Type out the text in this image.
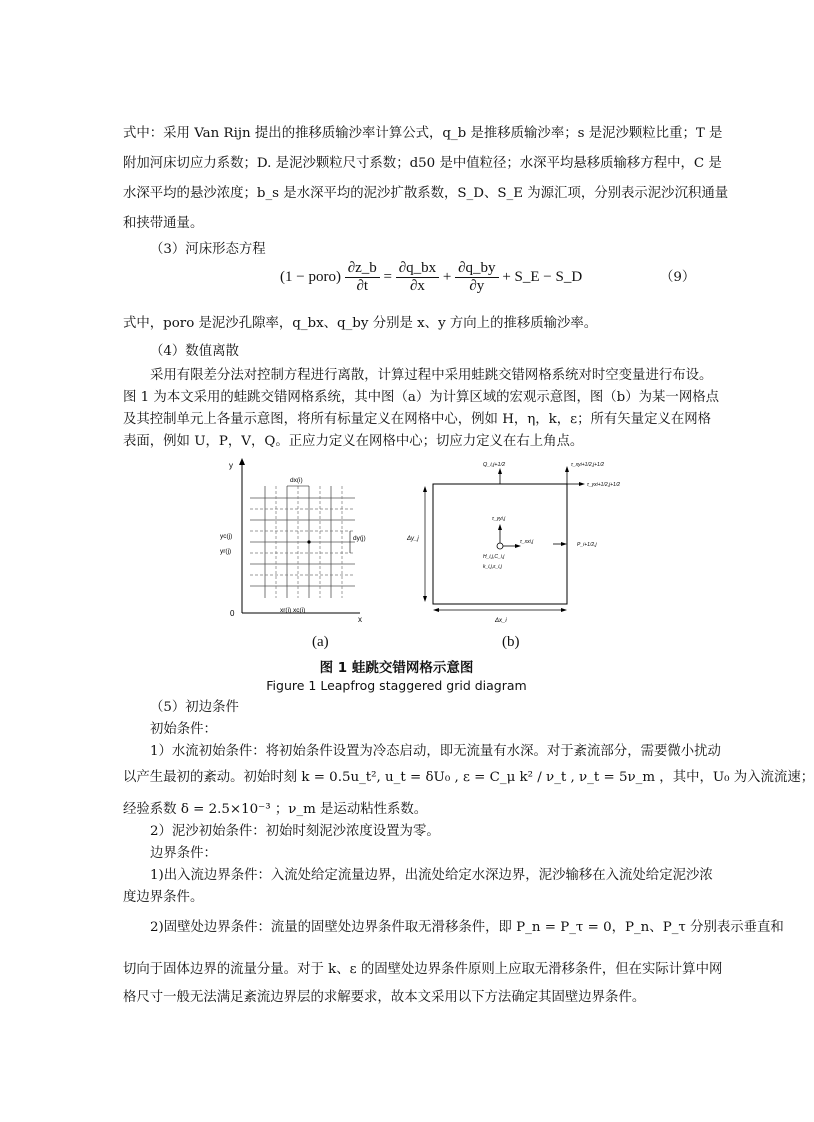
式中：采用 Van Rijn 提出的推移质输沙率计算公式，q_b 是推移质输沙率；s 是泥沙颗粒比重；T 是
附加河床切应力系数；D. 是泥沙颗粒尺寸系数；d50 是中值粒径；水深平均悬移质输移方程中，C 是
水深平均的悬沙浓度；b_s 是水深平均的泥沙扩散系数，S_D、S_E 为源汇项，分别表示泥沙沉积通量
和挟带通量。
（3）河床形态方程
(1 − poro) $\frac{\partial z\_b}{\partial t} = \frac{\partial q\_bx}{\partial x} + \frac{\partial q\_by}{\partial y}$ + S_E − S_D	（9）
式中，poro 是泥沙孔隙率，q_bx、q_by 分别是 x、y 方向上的推移质输沙率。
（4）数值离散
采用有限差分法对控制方程进行离散，计算过程中采用蛙跳交错网格系统对时空变量进行布设。
图 1 为本文采用的蛙跳交错网格系统，其中图（a）为计算区域的宏观示意图，图（b）为某一网格点
及其控制单元上各量示意图，将所有标量定义在网格中心，例如 H，η，k，ε；所有矢量定义在网格
表面，例如 U，P，V，Q。正应力定义在网格中心；切应力定义在右上角点。
y
x
0
dx(i)
dy(j)
yc(j)
yr(j)
xr(i) xc(i)
Δy_j
Δx_i
Q_i,j+1/2	τ_xyi+1/2,j+1/2
τ_yxi+1/2,j+1/2
τ_yyi,j
τ_xxi,j
H_i,j,C_i,j
k_i,j,ε_i,j
P_i+1/2,j
(a)	(b)
图 1 蛙跳交错网格示意图
Figure 1 Leapfrog staggered grid diagram
（5）初边条件
初始条件：
1）水流初始条件：将初始条件设置为冷态启动，即无流量有水深。对于紊流部分，需要微小扰动
以产生最初的紊动。初始时刻 k = 0.5u_t², u_t = δU₀ , ε = C_μ k² / ν_t , ν_t = 5ν_m ，其中，U₀ 为入流流速；
经验系数 δ = 2.5×10⁻³ ；ν_m 是运动粘性系数。
2）泥沙初始条件：初始时刻泥沙浓度设置为零。
边界条件：
1)出入流边界条件：入流处给定流量边界，出流处给定水深边界，泥沙输移在入流处给定泥沙浓
度边界条件。
2)固壁处边界条件：流量的固壁处边界条件取无滑移条件，即 P_n = P_τ = 0，P_n、P_τ 分别表示垂直和
切向于固体边界的流量分量。对于 k、ε 的固壁处边界条件原则上应取无滑移条件，但在实际计算中网
格尺寸一般无法满足紊流边界层的求解要求，故本文采用以下方法确定其固壁边界条件。
